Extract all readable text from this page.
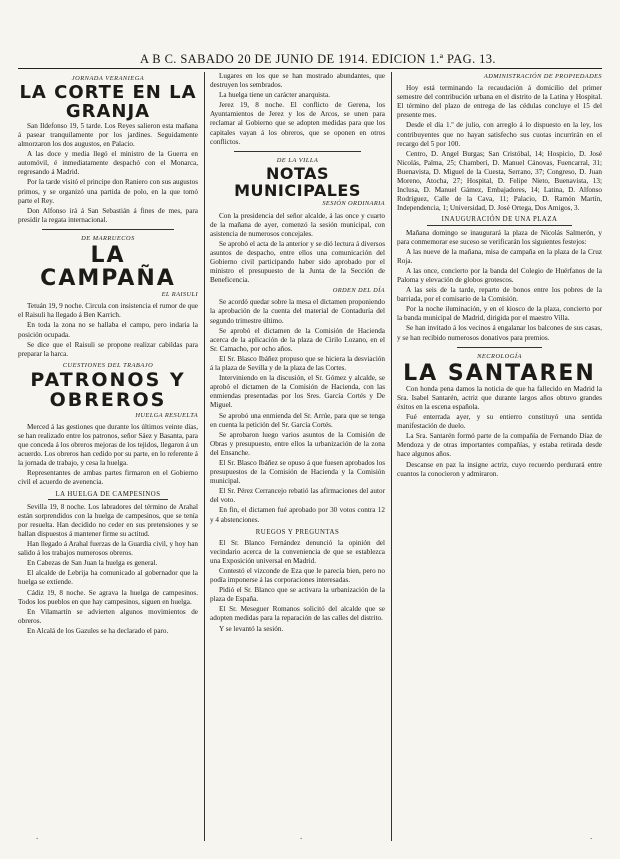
A B C. SABADO 20 DE JUNIO DE 1914. EDICION 1.ª PAG. 13.
JORNADA VERANIEGA
LA CORTE EN LA GRANJA

San Ildefonso 19, 5 tarde. Los Reyes salieron esta mañana á pasear tranquilamente por los jardines. Seguidamente almorzaron los dos augustos, en Palacio.

A las doce y media llegó el ministro de la Guerra en automóvil, é inmediatamente despachó con el Monarca, regresando á Madrid.

Por la tarde visitó el principe don Raniero con sus augustos primos, y se organizó una partida de polo, en la que tomó parte el Rey.

Don Alfonso irá á San Sebastián á fines de mes, para presidir la regata internacional.

DE MARRUECOS
LA CAMPAÑA
EL RAISULI

Tetuán 19, 9 noche. Circula con insistencia el rumor de que el Raisuli ha llegado á Ben Karrich.

En toda la zona no se hallaba el campo, pero indaria la posición ocupada.

Se dice que el Raisuli se propone realizar cabildas para preparar la harca.

CUESTIONES DEL TRABAJO
PATRONOS Y OBREROS
HUELGA RESUELTA

Merced á las gestiones que durante los últimos veinte días, se han realizado entre los patronos, señor Sáez y Basanta, para que conceda á los obreros mejoras de los tejidos, llegaron á un acuerdo. Los obreros han cedido por su parte, en lo referente á la jornada de trabajo, y cesa la huelga.

Representantes de ambas partes firmaron en el Gobierno civil el acuerdo de avenencia.

LA HUELGA DE CAMPESINOS

Sevilla 19, 8 noche. Los labradores del término de Arahal están sorprendidos con la huelga de campesinos, que se tenía por resuelta. Han decidido no ceder en sus pretensiones y se hallan dispuestos á mantener firme su actitud.

Han llegado á Arahal fuerzas de la Guardia civil, y hoy han salido á los trabajos numerosos obreros.

En Cabezas de San Juan la huelga es general.

El alcalde de Lebrija ha comunicado al gobernador que la huelga se extiende.

Cádiz 19, 8 noche. Se agrava la huelga de campesinos. Todos los pueblos en que hay campesinos, siguen en huelga.

En Vilamartín se advierten algunos movimientos de obreros.

En Alcalá de los Gazules se ha declarado el paro.

Lugares en los que se han mostrado abundantes, que destruyen los sembrados.

La huelga tiene un carácter anarquista.

Jerez 19, 8 noche. El conflicto de Gerena, los Ayuntamientos de Jerez y los de Arcos, se unen para reclamar al Gobierno que se adopten medidas para que los capitales vayan á los obreros, que se oponen en otros conflictos.

DE LA VILLA
NOTAS MUNICIPALES
SESIÓN ORDINARIA

Con la presidencia del señor alcalde, á las once y cuarto de la mañana de ayer, comenzó la sesión municipal, con asistencia de numerosos concejales.

Se aprobó el acta de la anterior y se dió lectura á diversos asuntos de despacho, entre ellos una comunicación del Gobierno civil participando haber sido aprobado por el ministro el presupuesto de la Junta de la Sección de Beneficencia.

ORDEN DEL DÍA

Se acordó quedar sobre la mesa el dictamen proponiendo la aprobación de la cuenta del material de Contaduría del segundo trimestre último.

Se aprobó el dictamen de la Comisión de Hacienda acerca de la aplicación de la plaza de Cirilo Lozano, en el Sr. Camacho, por ocho años.

El Sr. Blasco Ibáñez propuso que se hiciera la desviación á la plaza de Sevilla y de la plaza de las Cortes.

Interviniendo en la discusión, el Sr. Gómez y alcalde, se aprobó el dictamen de la Comisión de Hacienda, con las enmiendas presentadas por los Sres. García Cortés y De Miguel.

Se aprobó una enmienda del Sr. Arrúe, para que se tenga en cuenta la petición del Sr. García Cortés.

Se aprobaron luego varios asuntos de la Comisión de Obras y presupuesto, entre ellos la urbanización de la zona del Ensanche.

El Sr. Blasco Ibáñez se opuso á que fuesen aprobados los presupuestos de la Comisión de Hacienda y la Comisión municipal.

El Sr. Pérez Cerrancejo rebatió las afirmaciones del autor del voto.

En fin, el dictamen fué aprobado por 30 votos contra 12 y 4 abstenciones.

RUEGOS Y PREGUNTAS

El Sr. Blanco Fernández denunció la opinión del vecindario acerca de la conveniencia de que se establezca una Exposición universal en Madrid.

Contestó el vizconde de Eza que le parecía bien, pero no podía imponerse á las corporaciones interesadas.

Pidió el Sr. Blanco que se activara la urbanización de la plaza de España.

El Sr. Meseguer Romanos solicitó del alcalde que se adopten medidas para la reparación de las calles del distrito.

Y se levantó la sesión.

ADMINISTRACIÓN DE PROPIEDADES

Hoy está terminando la recaudación á domicilio del primer semestre del contribución urbana en el distrito de la Latina y Hospital. El término del plazo de entrega de las cédulas concluye el 15 del presente mes.

Desde el día 1.º de julio, con arreglo á lo dispuesto en la ley, los contribuyentes que no hayan satisfecho sus cuotas incurrirán en el recargo del 5 por 100.

Centro, D. Angel Burgas; San Cristóbal, 14; Hospicio, D. José Nicolás, Palma, 25; Chamberí, D. Manuel Cánovas, Fuencarral, 31; Buenavista, D. Miguel de la Cuesta, Serrano, 37; Congreso, D. Juan Moreno, Atocha, 27; Hospital, D. Felipe Nieto, Buenavista, 13; Inclusa, D. Manuel Gámez, Embajadores, 14; Latina, D. Alfonso Rodríguez, Calle de la Cava, 11; Palacio, D. Ramón Martín, Independencia, 1; Universidad, D. José Ortega, Dos Amigos, 3.

INAUGURACIÓN DE UNA PLAZA

Mañana domingo se inaugurará la plaza de Nicolás Salmerón, y para conmemorar ese suceso se verificarán los siguientes festejos:

A las nueve de la mañana, misa de campaña en la plaza de la Cruz Roja.

A las once, concierto por la banda del Colegio de Huérfanos de la Paloma y elevación de globos grotescos.

A las seis de la tarde, reparto de bonos entre los pobres de la barriada, por el comisario de la Comisión.

Por la noche iluminación, y en el kiosco de la plaza, concierto por la banda municipal de Madrid, dirigida por el maestro Villa.

Se han invitado á los vecinos á engalanar los balcones de sus casas, y se han recibido numerosos donativos para premios.

NECROLOGÍA
LA SANTAREN

Con honda pena damos la noticia de que ha fallecido en Madrid la Sra. Isabel Santarén, actriz que durante largos años obtuvo grandes éxitos en la escena española.

Fué enterrada ayer, y su entierro constituyó una sentida manifestación de duelo.

La Sra. Santarén formó parte de la compañía de Fernando Díaz de Mendoza y de otras importantes compañías, y estaba retirada desde hace algunos años.

Descanse en paz la insigne actriz, cuyo recuerdo perdurará entre cuantos la conocieron y admiraron.

·	·	·
